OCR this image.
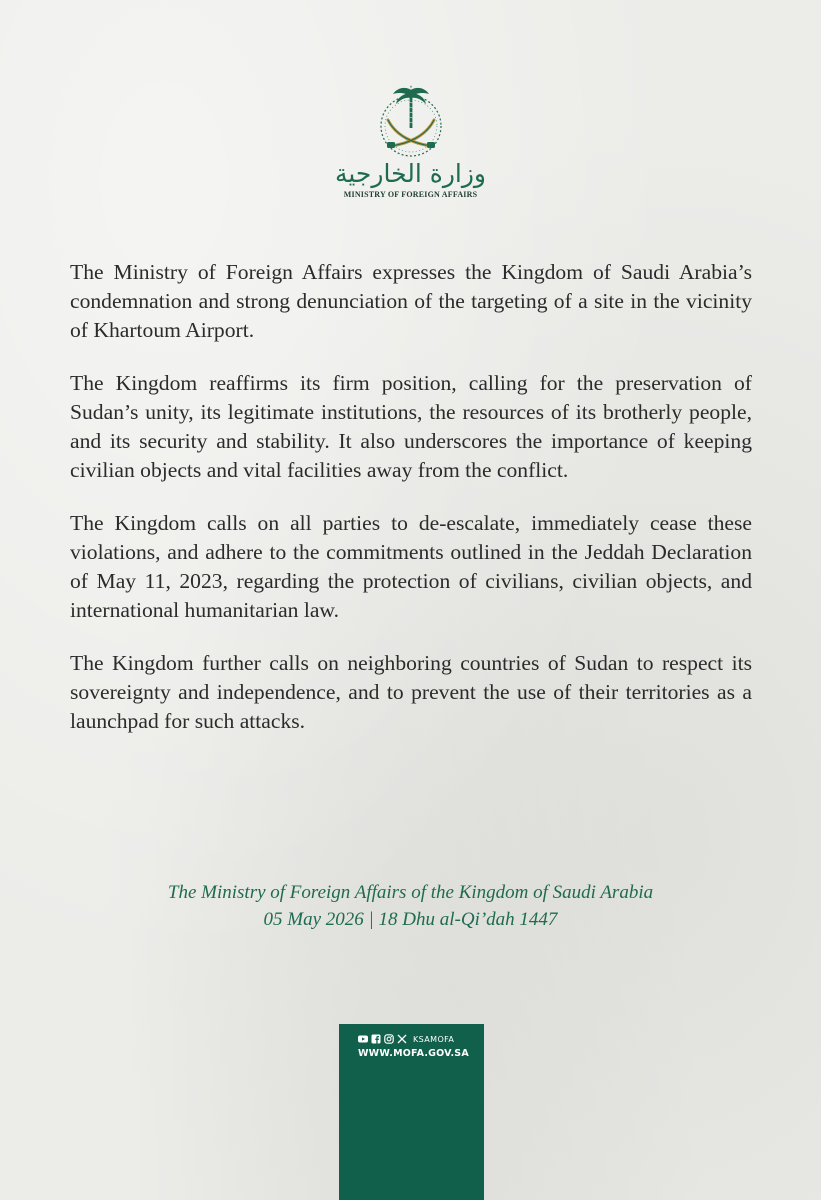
وزارة الخارجية
MINISTRY OF FOREIGN AFFAIRS

The Ministry of Foreign Affairs expresses the Kingdom of Saudi Arabia’s condemnation and strong denunciation of the targeting of a site in the vicinity of Khartoum Airport.

The Kingdom reaffirms its firm position, calling for the preservation of Sudan’s unity, its legitimate institutions, the resources of its brotherly people, and its security and stability. It also underscores the importance of keeping civilian objects and vital facilities away from the conflict.

The Kingdom calls on all parties to de-escalate, immediately cease these violations, and adhere to the commitments outlined in the Jeddah Declaration of May 11, 2023, regarding the protection of civilians, civilian objects, and international humanitarian law.

The Kingdom further calls on neighboring countries of Sudan to respect its sovereignty and independence, and to prevent the use of their territories as a launchpad for such attacks.

The Ministry of Foreign Affairs of the Kingdom of Saudi Arabia
05 May 2026 | 18 Dhu al-Qi’dah 1447
KSAMOFA
WWW.MOFA.GOV.SA
